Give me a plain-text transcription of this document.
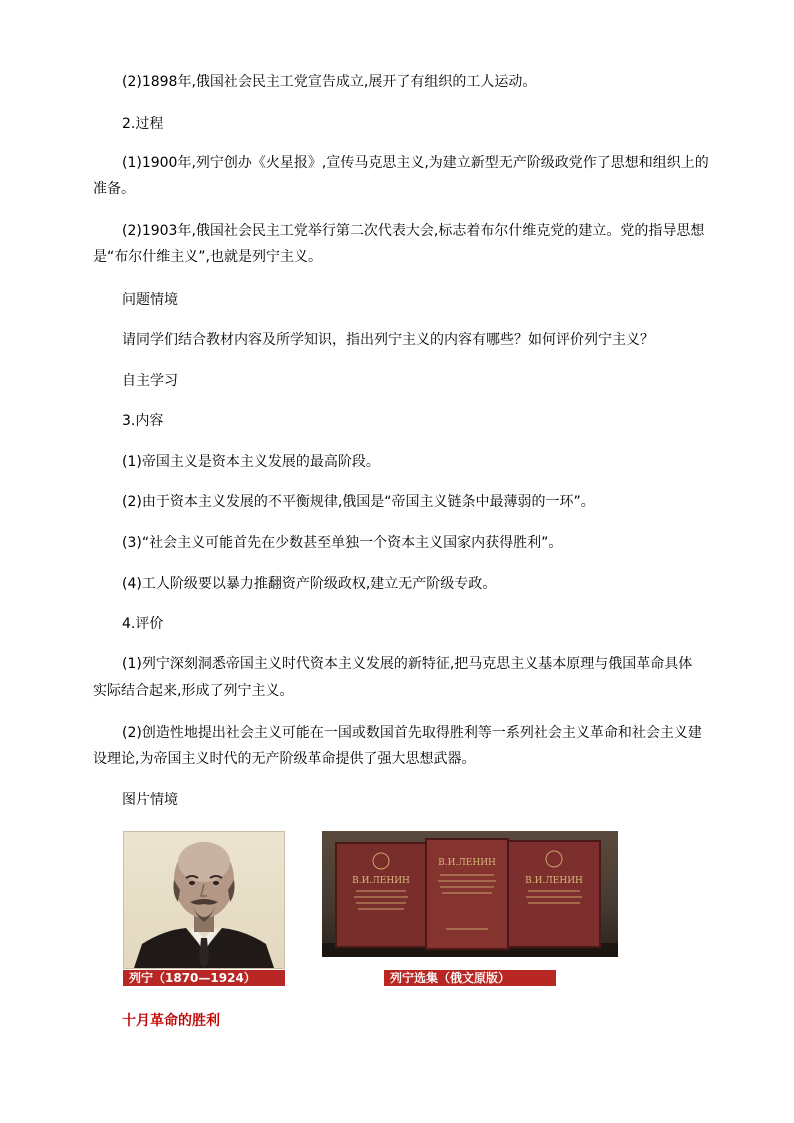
(2)1898年,俄国社会民主工党宣告成立,展开了有组织的工人运动。

2.过程

(1)1900年,列宁创办《火星报》,宣传马克思主义,为建立新型无产阶级政党作了思想和组织上的

准备。

(2)1903年,俄国社会民主工党举行第二次代表大会,标志着布尔什维克党的建立。党的指导思想

是“布尔什维主义”,也就是列宁主义。

问题情境

请同学们结合教材内容及所学知识，指出列宁主义的内容有哪些？如何评价列宁主义？

自主学习

3.内容

(1)帝国主义是资本主义发展的最高阶段。

(2)由于资本主义发展的不平衡规律,俄国是“帝国主义链条中最薄弱的一环”。

(3)“社会主义可能首先在少数甚至单独一个资本主义国家内获得胜利”。

(4)工人阶级要以暴力推翻资产阶级政权,建立无产阶级专政。

4.评价

(1)列宁深刻洞悉帝国主义时代资本主义发展的新特征,把马克思主义基本原理与俄国革命具体

实际结合起来,形成了列宁主义。

(2)创造性地提出社会主义可能在一国或数国首先取得胜利等一系列社会主义革命和社会主义建

设理论,为帝国主义时代的无产阶级革命提供了强大思想武器。

图片情境

В.И.ЛЕНИН
В.И.ЛЕНИН
В.И.ЛЕНИН
列宁（1870—1924）	列宁选集（俄文原版）

十月革命的胜利
